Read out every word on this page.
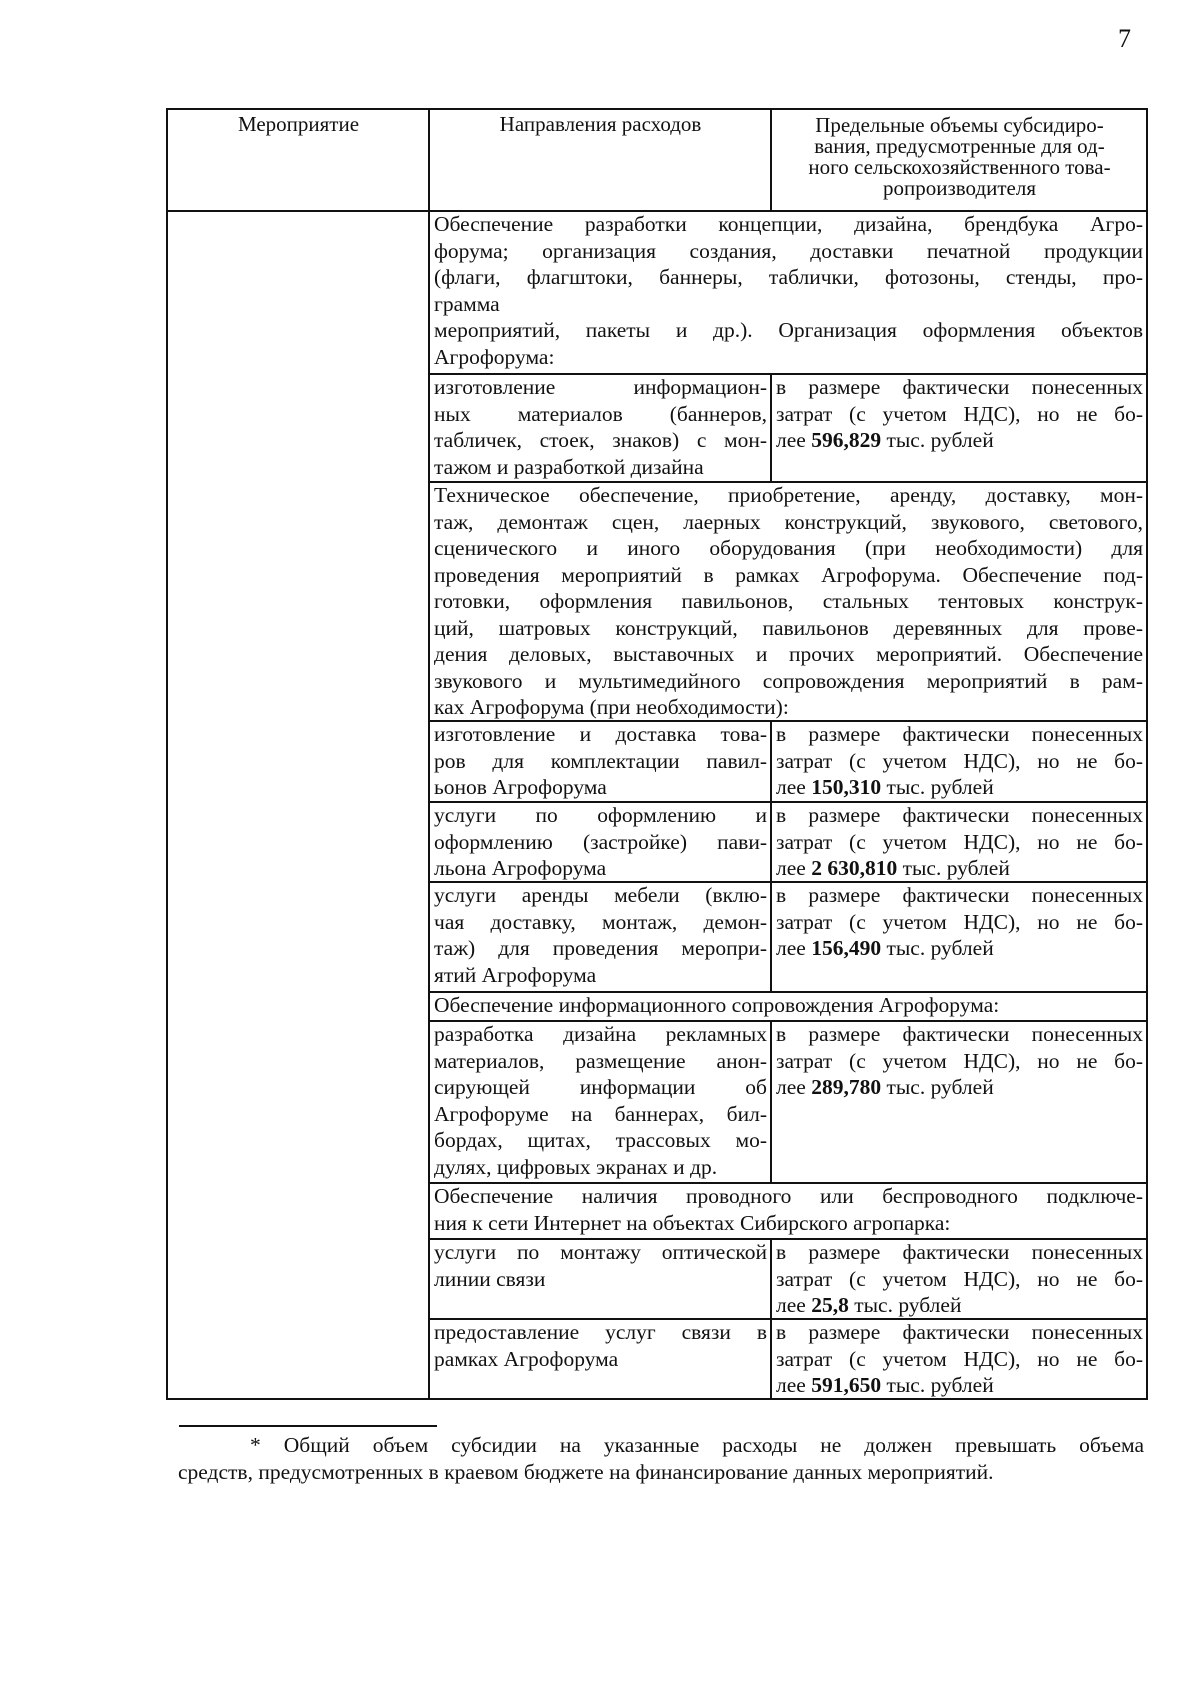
7
Мероприятие	Направления расходов	Предельные объемы субсидиро-
вания, предусмотренные для од-
ного сельскохозяйственного това-
ропроизводителя
Обеспечение разработки концепции, дизайна, брендбука Агро-
форума; организация создания, доставки печатной продукции
(флаги, флагштоки, баннеры, таблички, фотозоны, стенды, про-
грамма
мероприятий, пакеты и др.). Организация оформления объектов
Агрофорума:
изготовление информацион-
ных материалов (баннеров,
табличек, стоек, знаков) с мон-
тажом и разработкой дизайна
в размере фактически понесенных
затрат (с учетом НДС), но не бо-
лее 596,829 тыс. рублей
Техническое обеспечение, приобретение, аренду, доставку, мон-
таж, демонтаж сцен, лаерных конструкций, звукового, светового,
сценического и иного оборудования (при необходимости) для
проведения мероприятий в рамках Агрофорума. Обеспечение под-
готовки, оформления павильонов, стальных тентовых конструк-
ций, шатровых конструкций, павильонов деревянных для прове-
дения деловых, выставочных и прочих мероприятий. Обеспечение
звукового и мультимедийного сопровождения мероприятий в рам-
ках Агрофорума (при необходимости):
изготовление и доставка това-
ров для комплектации павил-
ьонов Агрофорума
в размере фактически понесенных
затрат (с учетом НДС), но не бо-
лее 150,310 тыс. рублей
услуги по оформлению и
оформлению (застройке) пави-
льона Агрофорума
в размере фактически понесенных
затрат (с учетом НДС), но не бо-
лее 2 630,810 тыс. рублей
услуги аренды мебели (вклю-
чая доставку, монтаж, демон-
таж) для проведения меропри-
ятий Агрофорума
в размере фактически понесенных
затрат (с учетом НДС), но не бо-
лее 156,490 тыс. рублей
Обеспечение информационного сопровождения Агрофорума:
разработка дизайна рекламных
материалов, размещение анон-
сирующей информации об
Агрофоруме на баннерах, бил-
бордах, щитах, трассовых мо-
дулях, цифровых экранах и др.
в размере фактически понесенных
затрат (с учетом НДС), но не бо-
лее 289,780 тыс. рублей
Обеспечение наличия проводного или беспроводного подключе-
ния к сети Интернет на объектах Сибирского агропарка:
услуги по монтажу оптической
линии связи
в размере фактически понесенных
затрат (с учетом НДС), но не бо-
лее 25,8 тыс. рублей
предоставление услуг связи в
рамках Агрофорума
в размере фактически понесенных
затрат (с учетом НДС), но не бо-
лее 591,650 тыс. рублей
* Общий объем субсидии на указанные расходы не должен превышать объема
средств, предусмотренных в краевом бюджете на финансирование данных мероприятий.
